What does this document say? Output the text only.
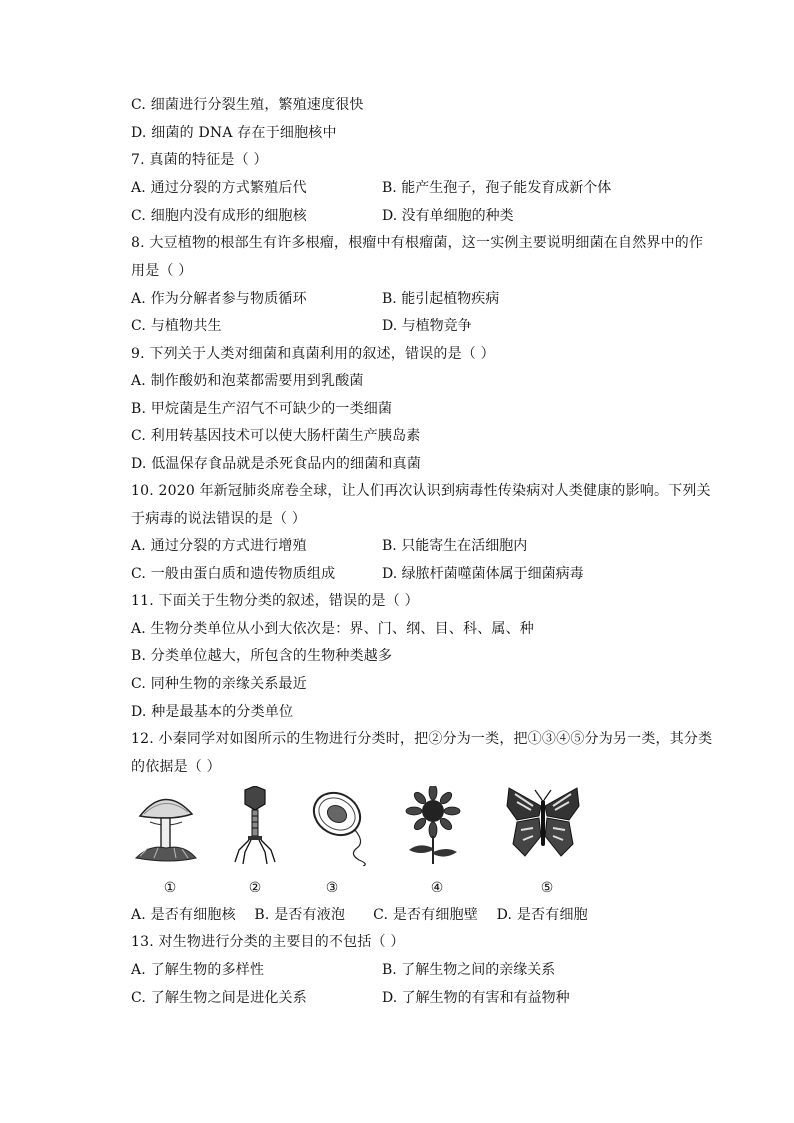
C. 细菌进行分裂生殖，繁殖速度很快
D. 细菌的 DNA 存在于细胞核中
7. 真菌的特征是（ ）
A. 通过分裂的方式繁殖后代	B. 能产生孢子，孢子能发育成新个体
C. 细胞内没有成形的细胞核	D. 没有单细胞的种类
8. 大豆植物的根部生有许多根瘤，根瘤中有根瘤菌，这一实例主要说明细菌在自然界中的作
用是（ ）
A. 作为分解者参与物质循环	B. 能引起植物疾病
C. 与植物共生	D. 与植物竞争
9. 下列关于人类对细菌和真菌利用的叙述，错误的是（ ）
A. 制作酸奶和泡菜都需要用到乳酸菌
B. 甲烷菌是生产沼气不可缺少的一类细菌
C. 利用转基因技术可以使大肠杆菌生产胰岛素
D. 低温保存食品就是杀死食品内的细菌和真菌
10. 2020 年新冠肺炎席卷全球，让人们再次认识到病毒性传染病对人类健康的影响。下列关
于病毒的说法错误的是（ ）
A. 通过分裂的方式进行增殖	B. 只能寄生在活细胞内
C. 一般由蛋白质和遗传物质组成	D. 绿脓杆菌噬菌体属于细菌病毒
11. 下面关于生物分类的叙述，错误的是（ ）
A. 生物分类单位从小到大依次是：界、门、纲、目、科、属、种
B. 分类单位越大，所包含的生物种类越多
C. 同种生物的亲缘关系最近
D. 种是最基本的分类单位
12. 小秦同学对如图所示的生物进行分类时，把②分为一类，把①③④⑤分为另一类，其分类
的依据是（ ）
①	②	③	④	⑤
A. 是否有细胞核    B. 是否有液泡      C. 是否有细胞壁    D. 是否有细胞
13. 对生物进行分类的主要目的不包括（ ）
A. 了解生物的多样性	B. 了解生物之间的亲缘关系
C. 了解生物之间是进化关系	D. 了解生物的有害和有益物种
